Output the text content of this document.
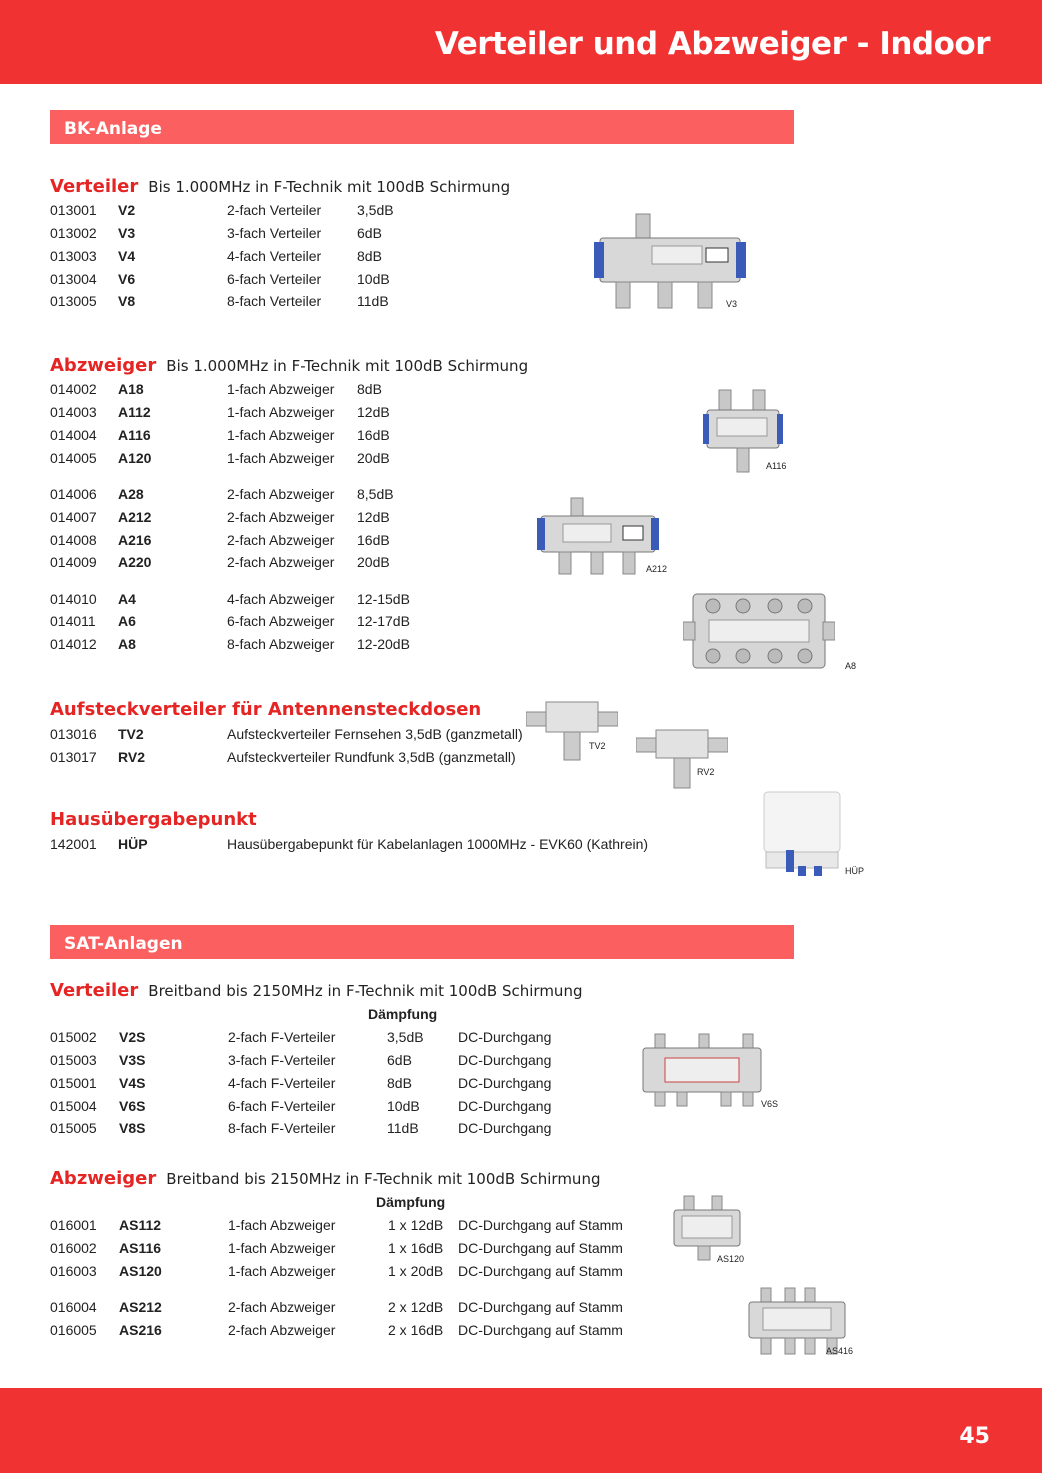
Verteiler und Abzweiger - Indoor
BK-Anlage
Verteiler Bis 1.000MHz in F-Technik mit 100dB Schirmung
013001 V2	2-fach Verteiler	3,5dB
013002 V3	3-fach Verteiler	6dB
013003 V4	4-fach Verteiler	8dB
013004 V6	6-fach Verteiler	10dB
013005 V8	8-fach Verteiler	11dB	V3
Abzweiger Bis 1.000MHz in F-Technik mit 100dB Schirmung
014002 A18	1-fach Abzweiger 8dB
014003 A112	1-fach Abzweiger 12dB
014004 A116	1-fach Abzweiger 16dB
014005 A120	1-fach Abzweiger 20dB
014006 A28	2-fach Abzweiger 8,5dB
014007 A212	2-fach Abzweiger 12dB
014008 A216	2-fach Abzweiger 16dB
014009 A220	2-fach Abzweiger 20dB
014010 A4	4-fach Abzweiger 12-15dB
014011 A6	6-fach Abzweiger 12-17dB
014012 A8	8-fach Abzweiger 12-20dB
A116
A212
A8
Aufsteckverteiler für Antennensteckdosen
013016 TV2	Aufsteckverteiler Fernsehen 3,5dB (ganzmetall)
013017 RV2	Aufsteckverteiler Rundfunk 3,5dB (ganzmetall)
TV2
RV2
Hausübergabepunkt
142001 HÜP	Hausübergabepunkt für Kabelanlagen 1000MHz - EVK60 (Kathrein)
HÜP
SAT-Anlagen
Verteiler Breitband bis 2150MHz in F-Technik mit 100dB Schirmung
Dämpfung
015002 V2S	2-fach F-Verteiler	3,5dB DC-Durchgang
015003 V3S	3-fach F-Verteiler	6dB	DC-Durchgang
015001 V4S	4-fach F-Verteiler	8dB	DC-Durchgang
015004 V6S	6-fach F-Verteiler	10dB	DC-Durchgang
015005 V8S	8-fach F-Verteiler	11dB	DC-Durchgang
V6S
Abzweiger Breitband bis 2150MHz in F-Technik mit 100dB Schirmung
Dämpfung
016001 AS112	1-fach Abzweiger	1 x 12dB DC-Durchgang auf Stamm
016002 AS116	1-fach Abzweiger	1 x 16dB DC-Durchgang auf Stamm
016003 AS120	1-fach Abzweiger	1 x 20dB DC-Durchgang auf Stamm
016004 AS212	2-fach Abzweiger	2 x 12dB DC-Durchgang auf Stamm
016005 AS216	2-fach Abzweiger	2 x 16dB DC-Durchgang auf Stamm
AS120
AS416
45
